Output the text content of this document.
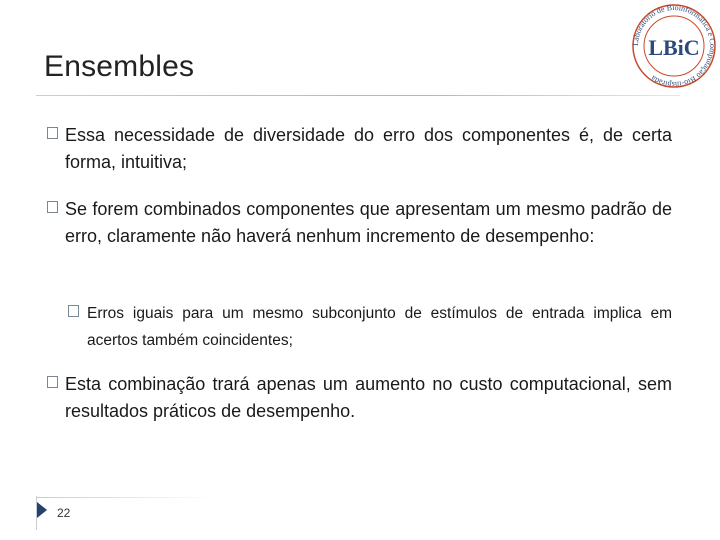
Ensembles
Laboratório de Bioinformática e Computação Bio-inspirada
LBiC
Essa necessidade de diversidade do erro dos componentes é, de certa forma, intuitiva;
Se forem combinados componentes que apresentam um mesmo padrão de erro, claramente não haverá nenhum incremento de desempenho:
Erros iguais para um mesmo subconjunto de estímulos de entrada implica em acertos também coincidentes;
Esta combinação trará apenas um aumento no custo computacional, sem resultados práticos de desempenho.
22
